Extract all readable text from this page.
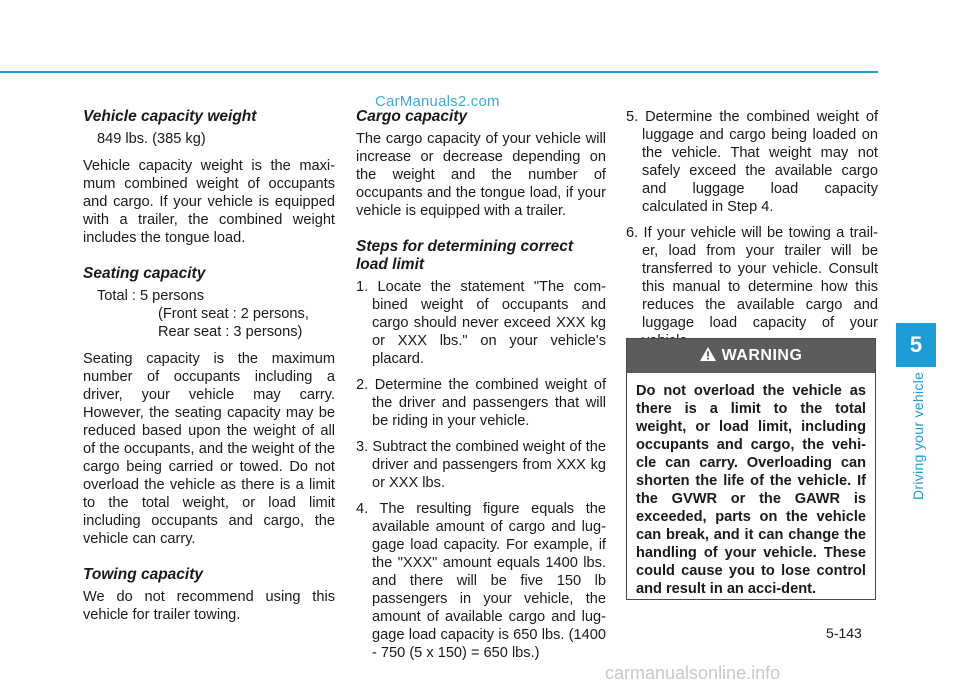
CarManuals2.com
Vehicle capacity weight
849 lbs. (385 kg)

Vehicle capacity weight is the maxi-mum combined weight of occupants and cargo. If your vehicle is equipped with a trailer, the combined weight includes the tongue load.

Seating capacity
Total : 5 persons
(Front seat : 2 persons,
Rear seat : 3 persons)

Seating capacity is the maximum number of occupants including a driver, your vehicle may carry. However, the seating capacity may be reduced based upon the weight of all of the occupants, and the weight of the cargo being carried or towed. Do not overload the vehicle as there is a limit to the total weight, or load limit including occupants and cargo, the vehicle can carry.

Towing capacity

We do not recommend using this vehicle for trailer towing.

Cargo capacity

The cargo capacity of your vehicle will increase or decrease depending on the weight and the number of occupants and the tongue load, if your vehicle is equipped with a trailer.

Steps for determining correct load limit
1. Locate the statement "The com-bined weight of occupants and cargo should never exceed XXX kg or XXX lbs." on your vehicle's placard.
2. Determine the combined weight of the driver and passengers that will be riding in your vehicle.
3. Subtract the combined weight of the driver and passengers from XXX kg or XXX lbs.
4. The resulting figure equals the available amount of cargo and lug-gage load capacity. For example, if the "XXX" amount equals 1400 lbs. and there will be five 150 lb passengers in your vehicle, the amount of available cargo and lug-gage load capacity is 650 lbs. (1400 - 750 (5 x 150) = 650 lbs.)
5. Determine the combined weight of luggage and cargo being loaded on the vehicle. That weight may not safely exceed the available cargo and luggage load capacity calculated in Step 4.
6. If your vehicle will be towing a trail-er, load from your trailer will be transferred to your vehicle. Consult this manual to determine how this reduces the available cargo and luggage load capacity of your
WARNING
Do not overload the vehicle as there is a limit to the total weight, or load limit, including occupants and cargo, the vehi-cle can carry. Overloading can shorten the life of the vehicle. If the GVWR or the GAWR is exceeded, parts on the vehicle can break, and it can change the handling of your vehicle. These could cause you to lose control and result in an acci-dent.
5
Driving your vehicle
5-143
carmanualsonline.info
